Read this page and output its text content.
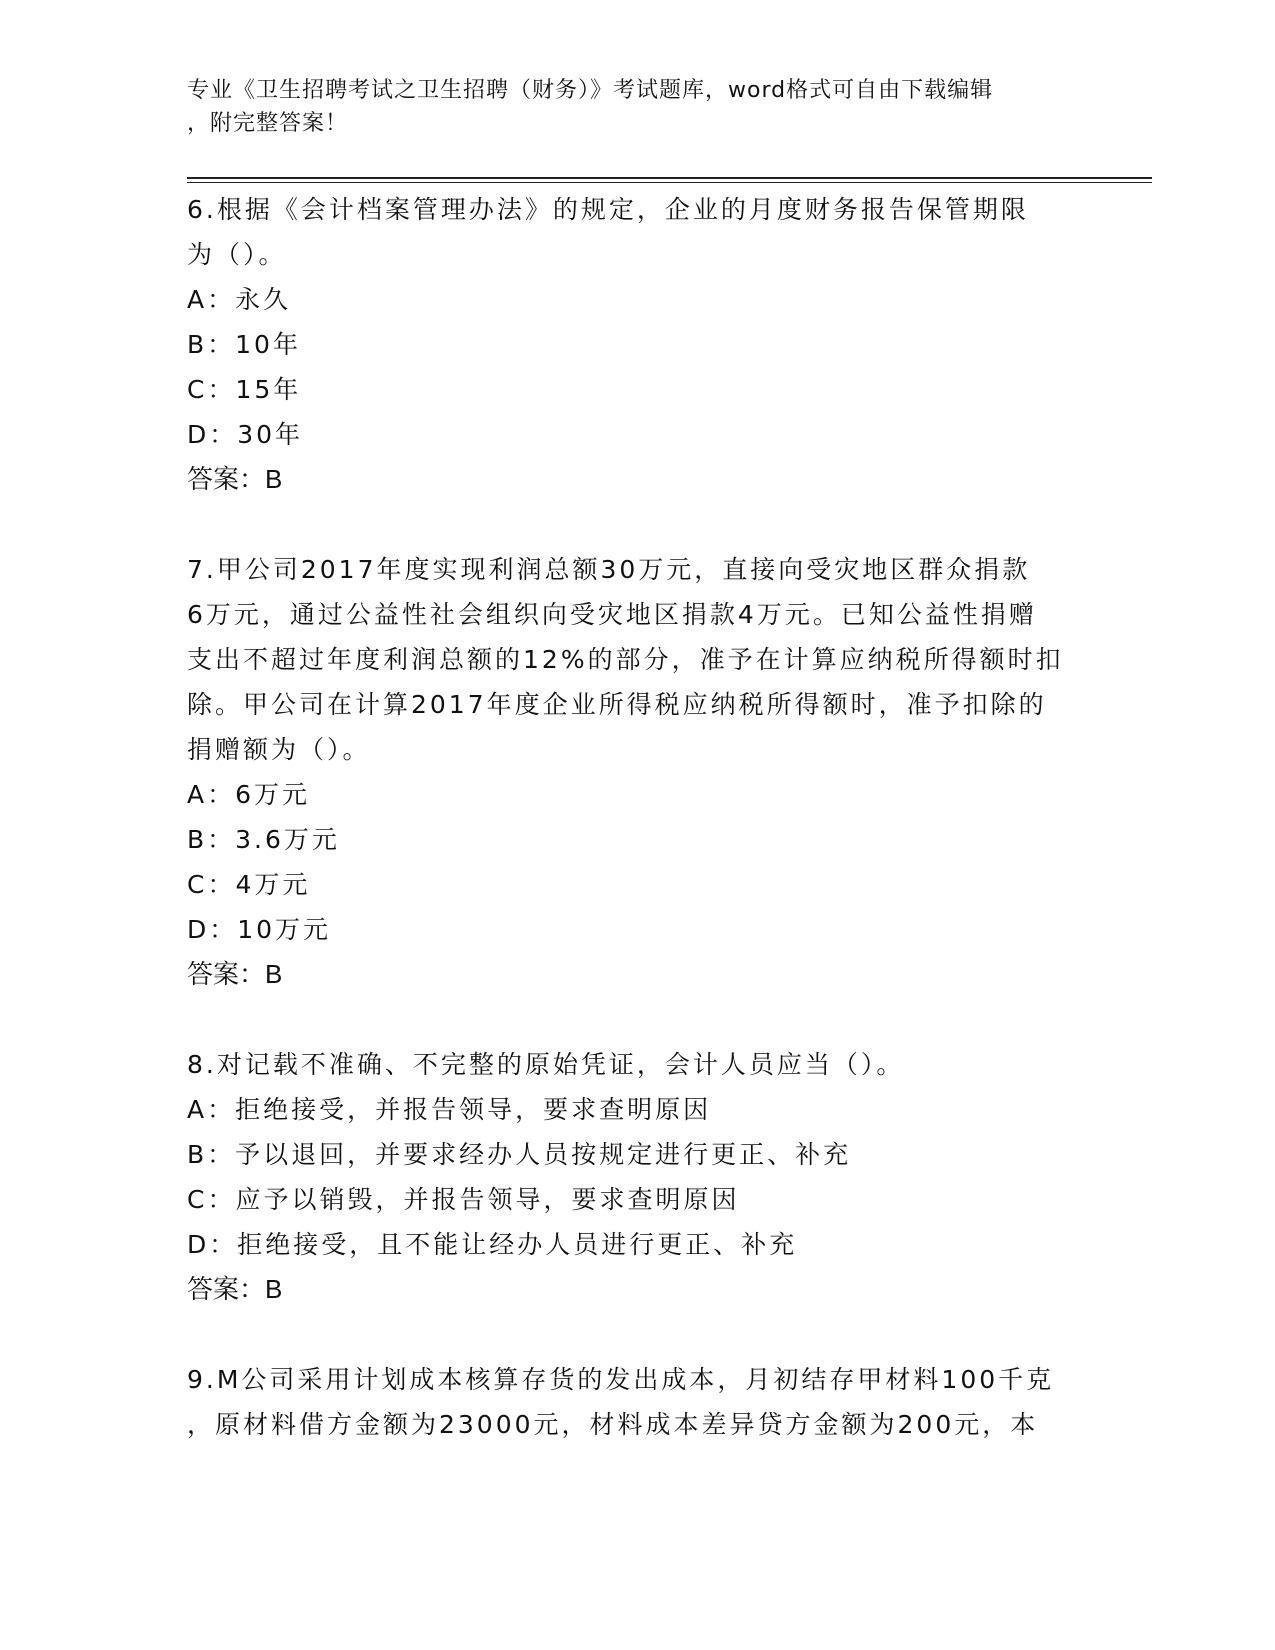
专业《卫生招聘考试之卫生招聘（财务）》考试题库，word格式可自由下载编辑
，附完整答案！
6.根据《会计档案管理办法》的规定，企业的月度财务报告保管期限
为（）。
A：永久
B：10年
C：15年
D：30年
答案：B
7.甲公司2017年度实现利润总额30万元，直接向受灾地区群众捐款
6万元，通过公益性社会组织向受灾地区捐款4万元。已知公益性捐赠
支出不超过年度利润总额的12%的部分，准予在计算应纳税所得额时扣
除。甲公司在计算2017年度企业所得税应纳税所得额时，准予扣除的
捐赠额为（）。
A：6万元
B：3.6万元
C：4万元
D：10万元
答案：B
8.对记载不准确、不完整的原始凭证，会计人员应当（）。
A：拒绝接受，并报告领导，要求查明原因
B：予以退回，并要求经办人员按规定进行更正、补充
C：应予以销毁，并报告领导，要求查明原因
D：拒绝接受，且不能让经办人员进行更正、补充
答案：B
9.M公司采用计划成本核算存货的发出成本，月初结存甲材料100千克
，原材料借方金额为23000元，材料成本差异贷方金额为200元，本
